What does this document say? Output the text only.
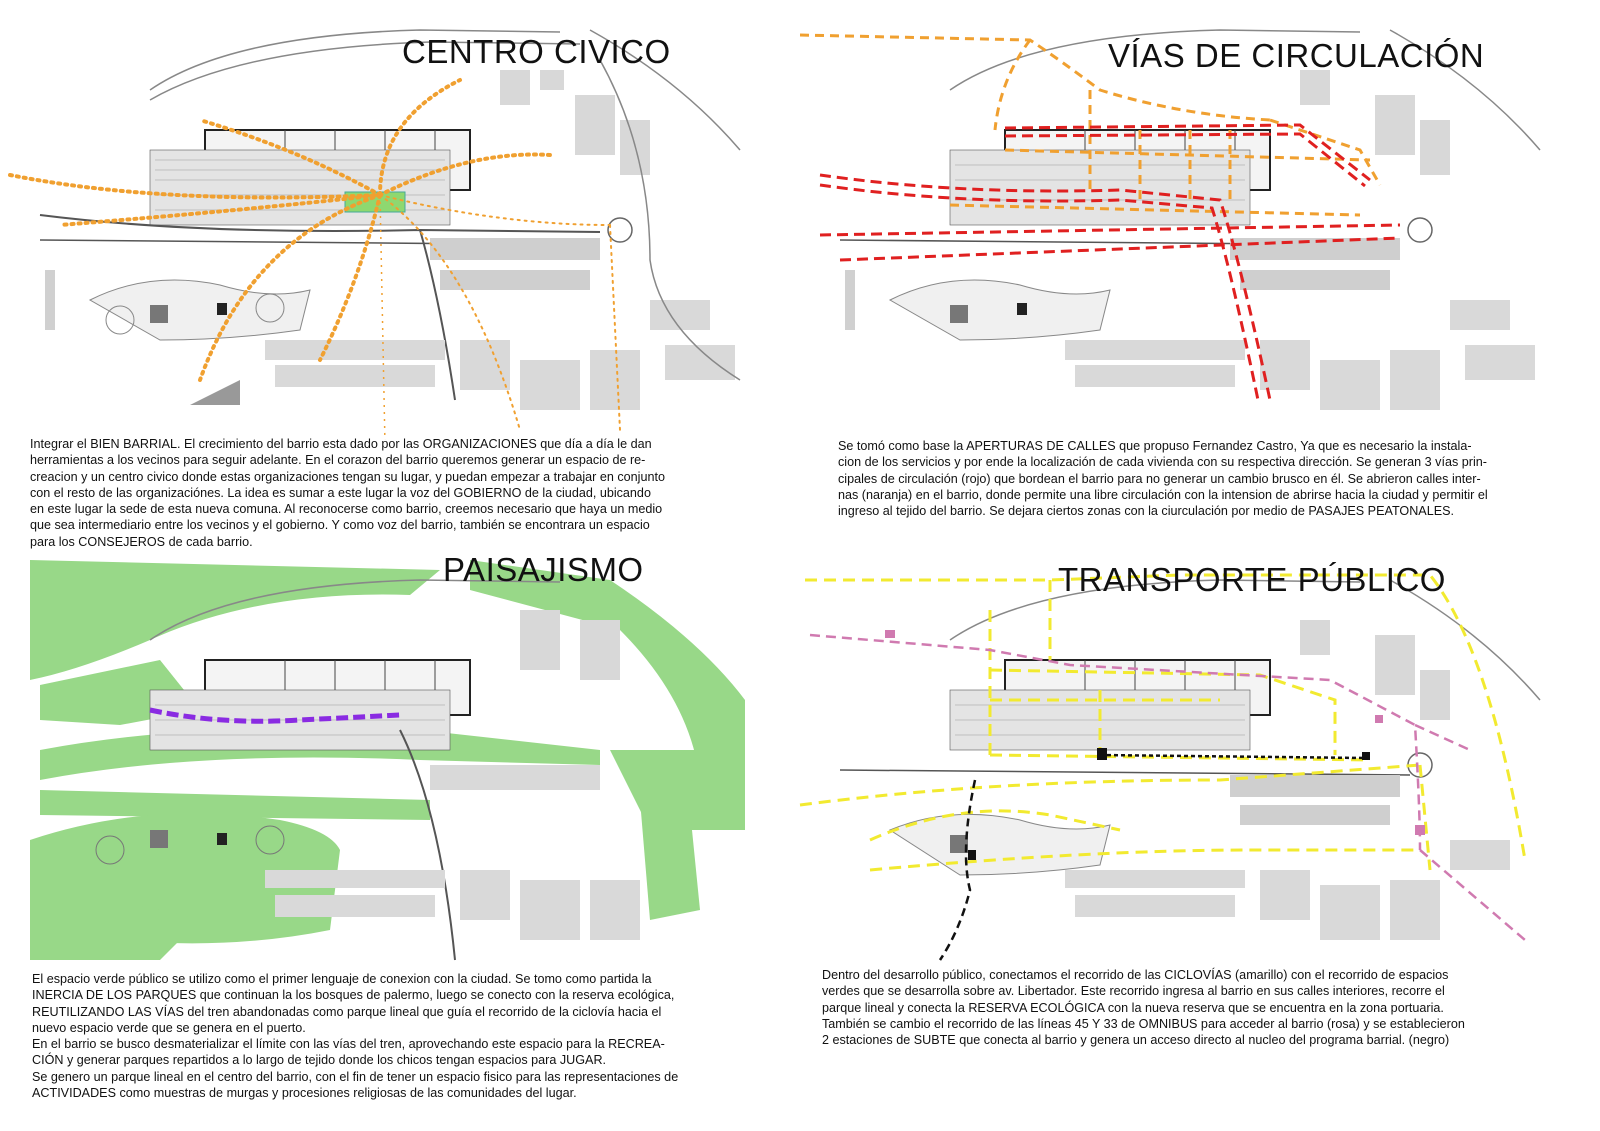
CENTRO CIVICO
Integrar el BIEN BARRIAL. El crecimiento del barrio esta dado por las ORGANIZACIONES que día a día le dan
herramientas a los vecinos para seguir adelante. En el corazon del barrio queremos generar un espacio de re-
creacion y un centro civico donde estas organizaciones tengan su lugar, y puedan empezar a trabajar en conjunto
con el resto de las organizaciónes. La idea es sumar a este lugar la voz del GOBIERNO de la ciudad, ubicando
en este lugar la sede de esta nueva comuna. Al reconocerse como barrio, creemos necesario que haya un medio
que sea intermediario entre los vecinos y el gobierno. Y como voz del barrio, también se encontrara un espacio
para los CONSEJEROS de cada barrio.
VÍAS DE CIRCULACIÓN
Se tomó como base la APERTURAS DE CALLES que propuso Fernandez Castro, Ya que es necesario la instala-
cion de los servicios y por ende la localización de cada vivienda con su respectiva dirección. Se generan 3 vías prin-
cipales de circulación (rojo) que bordean el barrio para no generar un cambio brusco en él. Se abrieron calles inter-
nas (naranja) en el barrio, donde permite una libre circulación con la intension de abrirse hacia la ciudad y permitir el
ingreso al tejido del barrio. Se dejara ciertos zonas con la ciurculación por medio de PASAJES PEATONALES.
PAISAJISMO
El espacio verde público se utilizo como el primer lenguaje de conexion con la ciudad. Se tomo como partida la
INERCIA DE LOS PARQUES que continuan la los bosques de palermo, luego se conecto con la reserva ecológica,
REUTILIZANDO LAS VÍAS del tren abandonadas como parque lineal que guía el recorrido de la ciclovía hacia el
nuevo espacio verde que se genera en el puerto.
En el barrio se busco desmaterializar el límite con las vías del tren, aprovechando este espacio para la RECREA-
CIÓN y generar parques repartidos a lo largo de tejido donde los chicos tengan espacios para JUGAR.
Se genero un parque lineal en el centro del barrio, con el fin de tener un espacio fisico para las representaciones de
ACTIVIDADES como muestras de murgas y procesiones religiosas de las comunidades del lugar.
TRANSPORTE PÚBLICO
Dentro del desarrollo público, conectamos el recorrido de las CICLOVÍAS (amarillo) con el recorrido de espacios
verdes que se desarrolla sobre av. Libertador. Este recorrido ingresa al barrio en sus calles interiores, recorre el
parque lineal y conecta la RESERVA ECOLÓGICA con la nueva reserva que se encuentra en la zona portuaria.
También se cambio el recorrido de las líneas 45 Y 33 de OMNIBUS para acceder al barrio (rosa) y se establecieron
2 estaciones de SUBTE que conecta al barrio y genera un acceso directo al nucleo del programa barrial. (negro)
